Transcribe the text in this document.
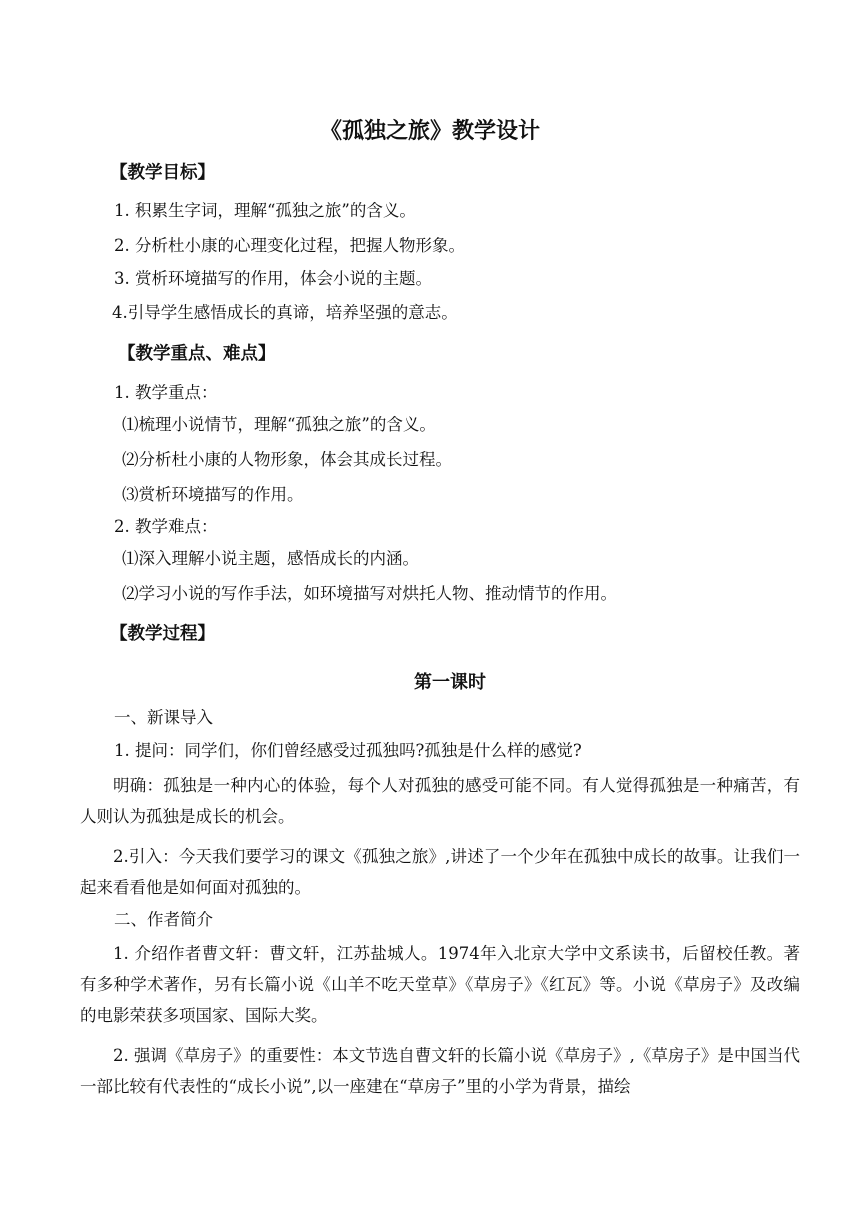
《孤独之旅》教学设计
【教学目标】
1. 积累生字词，理解“孤独之旅”的含义。
2. 分析杜小康的心理变化过程，把握人物形象。
3. 赏析环境描写的作用，体会小说的主题。
4.引导学生感悟成长的真谛，培养坚强的意志。
【教学重点、难点】
1. 教学重点：
⑴梳理小说情节，理解“孤独之旅”的含义。
⑵分析杜小康的人物形象，体会其成长过程。
⑶赏析环境描写的作用。
2. 教学难点：
⑴深入理解小说主题，感悟成长的内涵。
⑵学习小说的写作手法，如环境描写对烘托人物、推动情节的作用。
【教学过程】
第一课时
一、新课导入
1. 提问：同学们，你们曾经感受过孤独吗?孤独是什么样的感觉?
明确：孤独是一种内心的体验，每个人对孤独的感受可能不同。有人觉得孤独是一种痛苦，有人则认为孤独是成长的机会。
2.引入：今天我们要学习的课文《孤独之旅》,讲述了一个少年在孤独中成长的故事。让我们一起来看看他是如何面对孤独的。
二、作者简介
1. 介绍作者曹文轩：曹文轩，江苏盐城人。1974年入北京大学中文系读书，后留校任教。著有多种学术著作，另有长篇小说《山羊不吃天堂草》《草房子》《红瓦》等。小说《草房子》及改编的电影荣获多项国家、国际大奖。
2. 强调《草房子》的重要性：本文节选自曹文轩的长篇小说《草房子》,《草房子》是中国当代一部比较有代表性的“成长小说”,以一座建在“草房子”里的小学为背景，描绘
